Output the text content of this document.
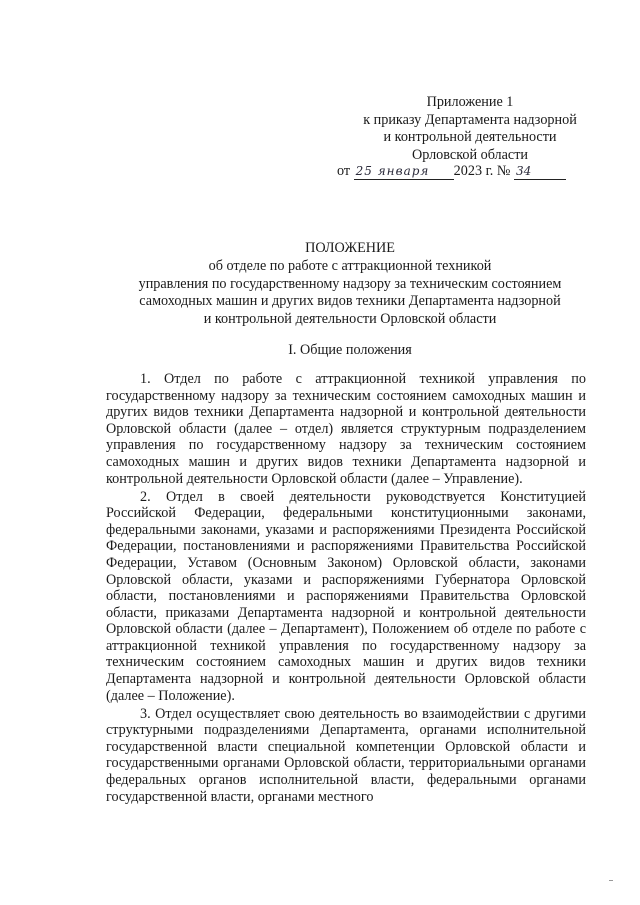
Приложение 1
к приказу Департамента надзорной
и контрольной деятельности
Орловской области
от 25 января 2023 г. № 34
ПОЛОЖЕНИЕ
об отделе по работе с аттракционной техникой
управления по государственному надзору за техническим состоянием
самоходных машин и других видов техники Департамента надзорной
и контрольной деятельности Орловской области
I. Общие положения

1. Отдел по работе с аттракционной техникой управления по государственному надзору за техническим состоянием самоходных машин и других видов техники Департамента надзорной и контрольной деятельности Орловской области (далее – отдел) является структурным подразделением управления по государственному надзору за техническим состоянием самоходных машин и других видов техники Департамента надзорной и контрольной деятельности Орловской области (далее – Управление).

2. Отдел в своей деятельности руководствуется Конституцией Российской Федерации, федеральными конституционными законами, федеральными законами, указами и распоряжениями Президента Российской Федерации, постановлениями и распоряжениями Правительства Российской Федерации, Уставом (Основным Законом) Орловской области, законами Орловской области, указами и распоряжениями Губернатора Орловской области, постановлениями и распоряжениями Правительства Орловской области, приказами Департамента надзорной и контрольной деятельности Орловской области (далее – Департамент), Положением об отделе по работе с аттракционной техникой управления по государственному надзору за техническим состоянием самоходных машин и других видов техники Департамента надзорной и контрольной деятельности Орловской области (далее – Положение).

3. Отдел осуществляет свою деятельность во взаимодействии с другими структурными подразделениями Департамента, органами исполнительной государственной власти специальной компетенции Орловской области и государственными органами Орловской области, территориальными органами федеральных органов исполнительной власти, федеральными органами государственной власти, органами местного
